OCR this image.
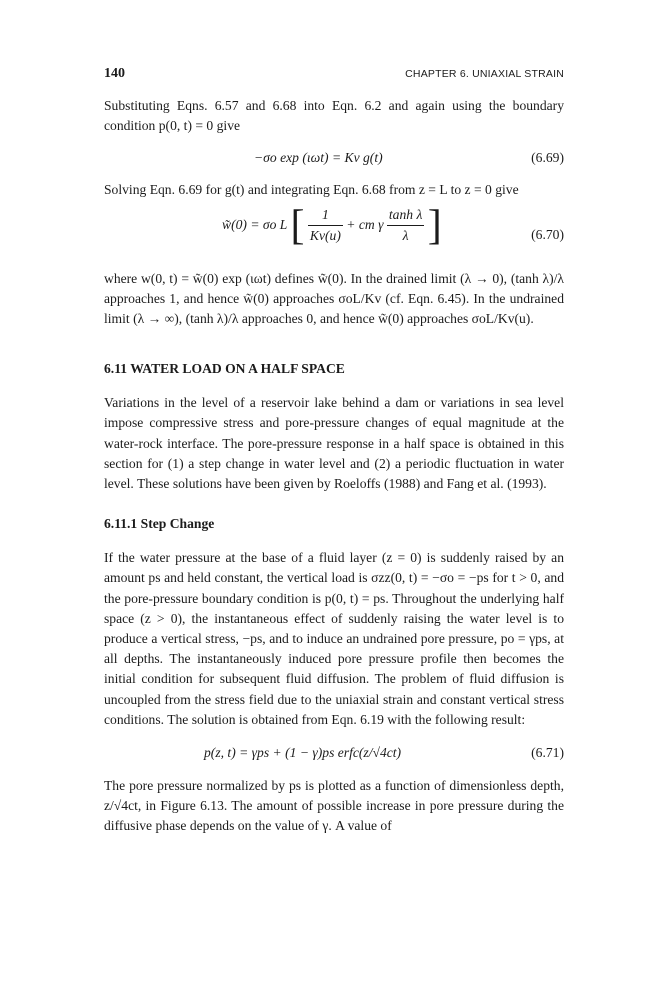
140	CHAPTER 6. UNIAXIAL STRAIN

Substituting Eqns. 6.57 and 6.68 into Eqn. 6.2 and again using the boundary condition p(0, t) = 0 give

−σo exp (ιωt) = Kv g(t)	(6.69)

Solving Eqn. 6.69 for g(t) and integrating Eqn. 6.68 from z = L to z = 0 give

w̃(0) = σo L [ $\frac{1}{Kv(u)}$ + cm γ $\frac{\text{tanh λ}}{\lambda}$ ]	(6.70)

where w(0, t) = w̃(0) exp (ιωt) defines w̃(0). In the drained limit (λ → 0), (tanh λ)/λ approaches 1, and hence w̃(0) approaches σoL/Kv (cf. Eqn. 6.45). In the undrained limit (λ → ∞), (tanh λ)/λ approaches 0, and hence w̃(0) approaches σoL/Kv(u).

6.11 WATER LOAD ON A HALF SPACE

Variations in the level of a reservoir lake behind a dam or variations in sea level impose compressive stress and pore-pressure changes of equal magnitude at the water-rock interface. The pore-pressure response in a half space is obtained in this section for (1) a step change in water level and (2) a periodic fluctuation in water level. These solutions have been given by Roeloffs (1988) and Fang et al. (1993).

6.11.1 Step Change

If the water pressure at the base of a fluid layer (z = 0) is suddenly raised by an amount ps and held constant, the vertical load is σzz(0, t) = −σo = −ps for t > 0, and the pore-pressure boundary condition is p(0, t) = ps. Throughout the underlying half space (z > 0), the instantaneous effect of suddenly raising the water level is to produce a vertical stress, −ps, and to induce an undrained pore pressure, po = γps, at all depths. The instantaneously induced pore pressure profile then becomes the initial condition for subsequent fluid diffusion. The problem of fluid diffusion is uncoupled from the stress field due to the uniaxial strain and constant vertical stress conditions. The solution is obtained from Eqn. 6.19 with the following result:

p(z, t) = γps + (1 − γ)ps erfc(z/√4ct)	(6.71)

The pore pressure normalized by ps is plotted as a function of dimensionless depth, z/√4ct, in Figure 6.13. The amount of possible increase in pore pressure during the diffusive phase depends on the value of γ. A value of
